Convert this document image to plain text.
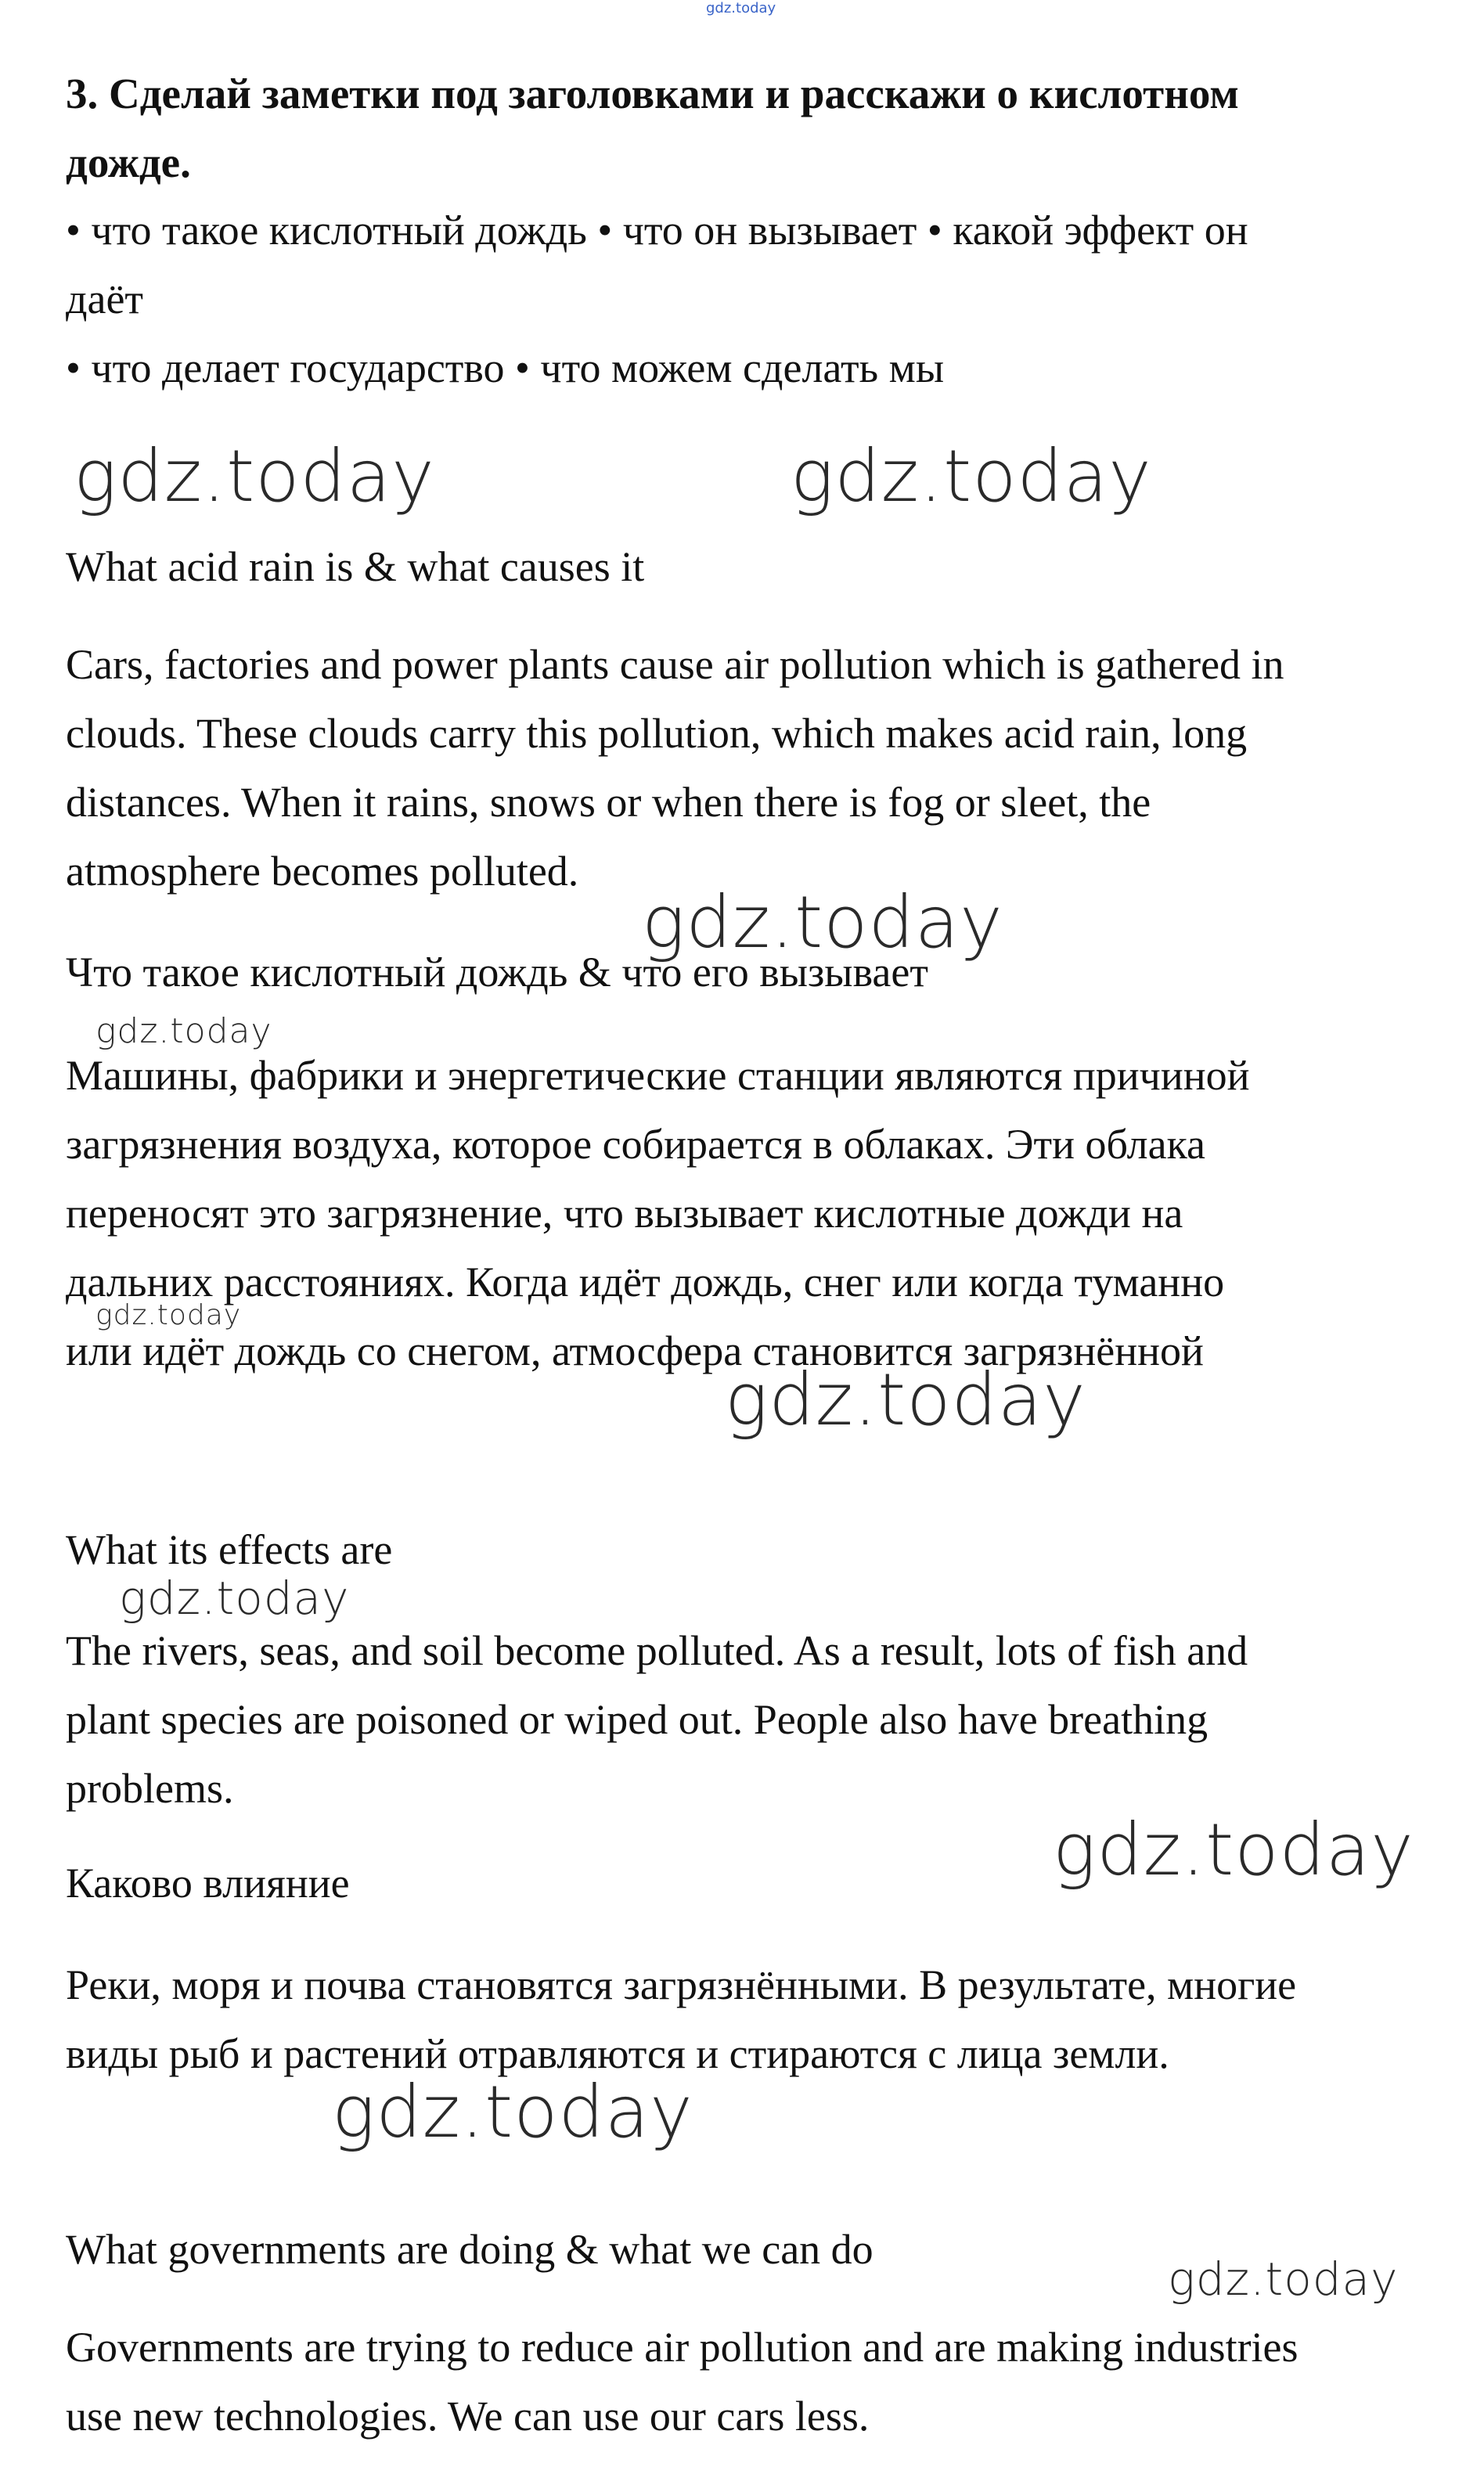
gdz.today
3. Сделай заметки под заголовками и расскажи о кислотном
дожде.
• что такое кислотный дождь • что он вызывает • какой эффект он
даёт
• что делает государство • что можем сделать мы
gdz.today	gdz.today
What acid rain is & what causes it
Cars, factories and power plants cause air pollution which is gathered in
clouds. These clouds carry this pollution, which makes acid rain, long
distances. When it rains, snows or when there is fog or sleet, the
atmosphere becomes polluted.
gdz.today
Что такое кислотный дождь & что его вызывает
gdz.today
Машины, фабрики и энергетические станции являются причиной
загрязнения воздуха, которое собирается в облаках. Эти облака
переносят это загрязнение, что вызывает кислотные дожди на
дальних расстояниях. Когда идёт дождь, снег или когда туманно
или идёт дождь со снегом, атмосфера становится загрязнённой
gdz.today
gdz.today
What its effects are
gdz.today
The rivers, seas, and soil become polluted. As a result, lots of fish and
plant species are poisoned or wiped out. People also have breathing
problems.
gdz.today
Каково влияние
Реки, моря и почва становятся загрязнёнными. В результате, многие
виды рыб и растений отравляются и стираются с лица земли.
gdz.today
What governments are doing & what we can do
gdz.today
Governments are trying to reduce air pollution and are making industries
use new technologies. We can use our cars less.
